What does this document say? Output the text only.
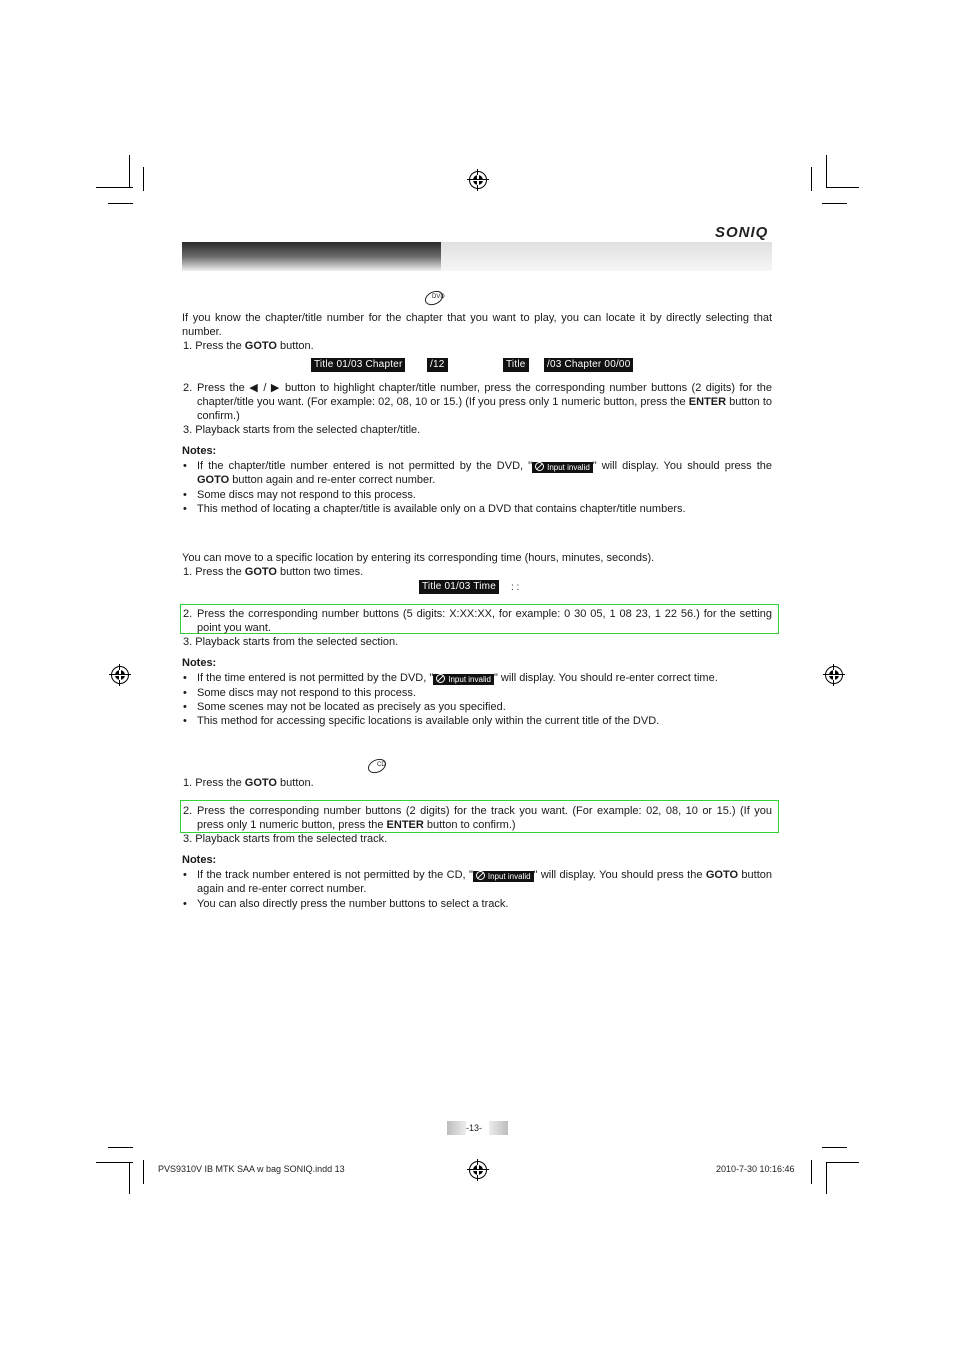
SONIQ
DVD
If you know the chapter/title number for the chapter that you want to play, you can locate it by directly selecting that number.
1. Press the GOTO button.
Title 01/03 Chapter	/12	Title	/03 Chapter 00/00
2. Press the ◀ / ▶ button to highlight chapter/title number, press the corresponding number buttons (2 digits) for the chapter/title you want. (For example: 02, 08, 10 or 15.) (If you press only 1 numeric button, press the ENTER button to confirm.)
3. Playback starts from the selected chapter/title.
Notes:
• If the chapter/title number entered is not permitted by the DVD, " Input invalid " will display. You should press the GOTO button again and re-enter correct number.
• Some discs may not respond to this process.
• This method of locating a chapter/title is available only on a DVD that contains chapter/title numbers.
You can move to a specific location by entering its corresponding time (hours, minutes, seconds).
1. Press the GOTO button two times.
Title 01/03 Time	: :
2. Press the corresponding number buttons (5 digits: X:XX:XX, for example: 0 30 05, 1 08 23, 1 22 56.) for the setting point you want.
3. Playback starts from the selected section.
Notes:
• If the time entered is not permitted by the DVD, " Input invalid " will display. You should re-enter correct time.
• Some discs may not respond to this process.
• Some scenes may not be located as precisely as you specified.
• This method for accessing specific locations is available only within the current title of the DVD.
CD
1. Press the GOTO button.
2. Press the corresponding number buttons (2 digits) for the track you want. (For example: 02, 08, 10 or 15.) (If you press only 1 numeric button, press the ENTER button to confirm.)
3. Playback starts from the selected track.
Notes:
• If the track number entered is not permitted by the CD, " Input invalid " will display. You should press the GOTO button again and re-enter correct number.
• You can also directly press the number buttons to select a track.
-13-
PVS9310V IB MTK SAA w bag SONIQ.indd 13	2010-7-30 10:16:46
